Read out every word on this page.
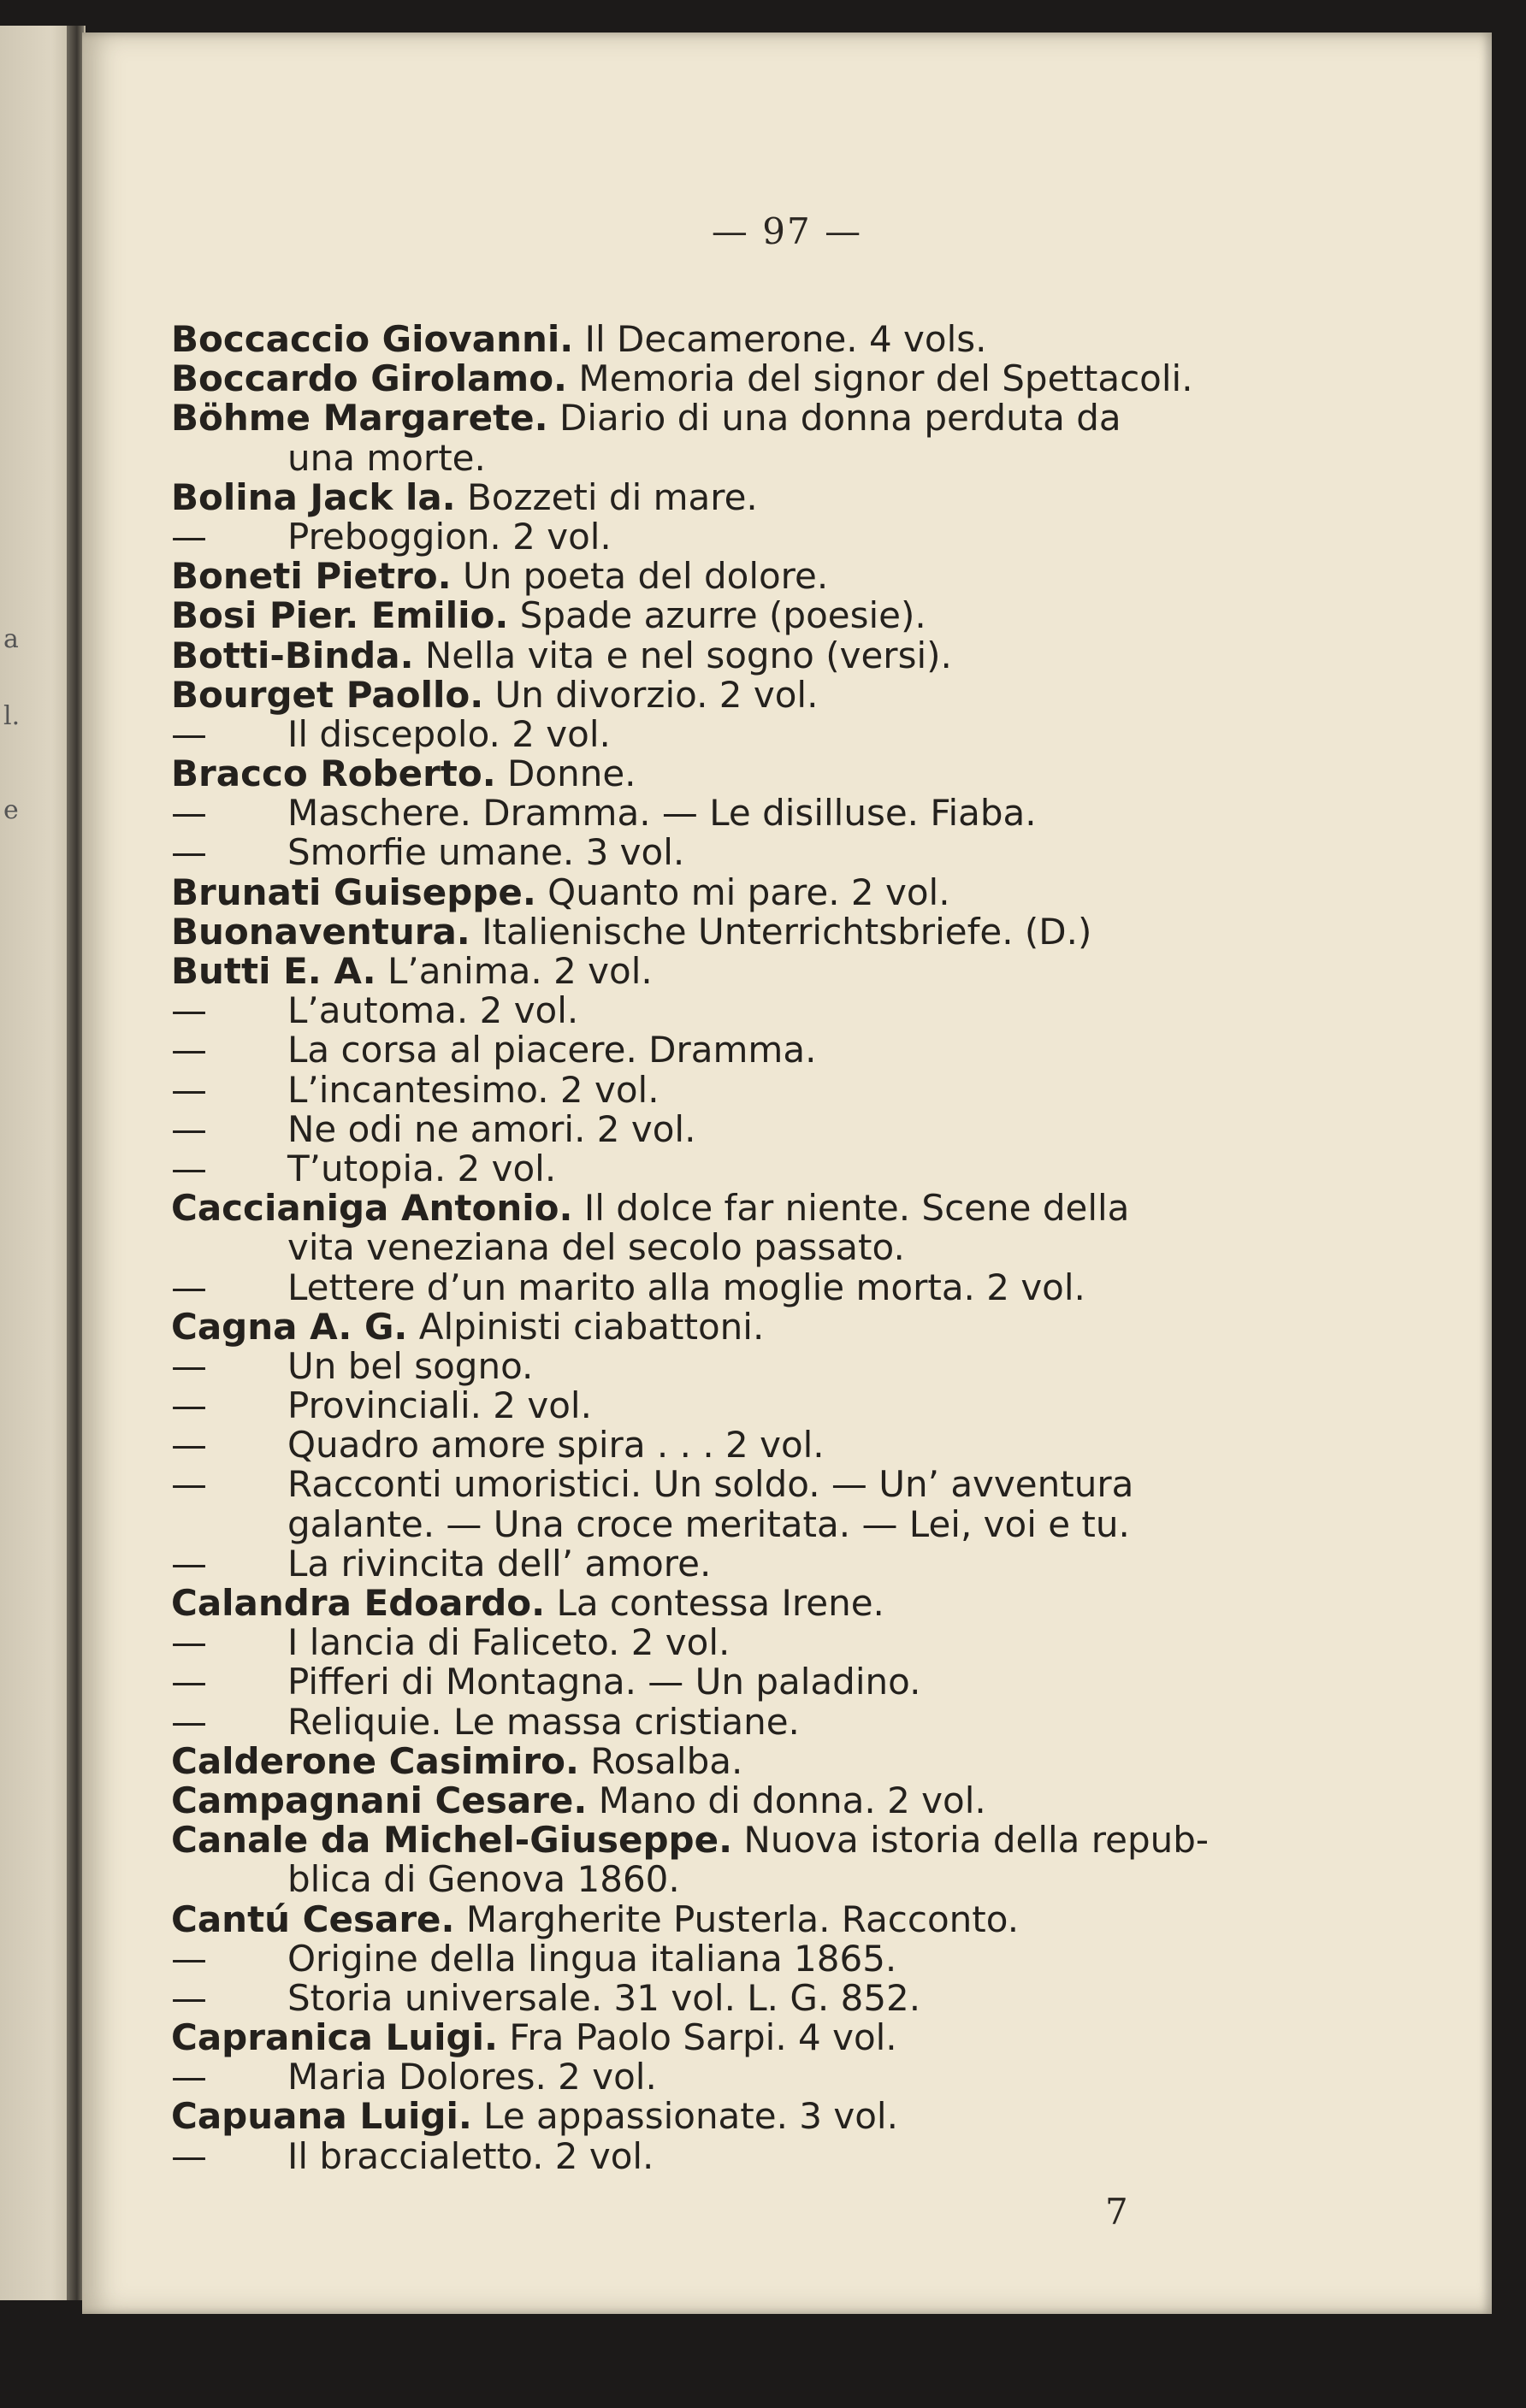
a
l.
e
— 97 —
Boccaccio Giovanni. Il Decamerone. 4 vols.
Boccardo Girolamo. Memoria del signor del Spettacoli.
Böhme Margarete. Diario di una donna perduta da
una morte.
Bolina Jack la. Bozzeti di mare.
— Preboggion. 2 vol.
Boneti Pietro. Un poeta del dolore.
Bosi Pier. Emilio. Spade azurre (poesie).
Botti-Binda. Nella vita e nel sogno (versi).
Bourget Paollo. Un divorzio. 2 vol.
— Il discepolo. 2 vol.
Bracco Roberto. Donne.
— Maschere. Dramma. — Le disilluse. Fiaba.
— Smorfie umane. 3 vol.
Brunati Guiseppe. Quanto mi pare. 2 vol.
Buonaventura. Italienische Unterrichtsbriefe. (D.)
Butti E. A. L’anima. 2 vol.
— L’automa. 2 vol.
— La corsa al piacere. Dramma.
— L’incantesimo. 2 vol.
— Ne odi ne amori. 2 vol.
— T’utopia. 2 vol.
Caccianiga Antonio. Il dolce far niente. Scene della
vita veneziana del secolo passato.
— Lettere d’un marito alla moglie morta. 2 vol.
Cagna A. G. Alpinisti ciabattoni.
— Un bel sogno.
— Provinciali. 2 vol.
— Quadro amore spira . . . 2 vol.
— Racconti umoristici. Un soldo. — Un’ avventura
galante. — Una croce meritata. — Lei, voi e tu.
— La rivincita dell’ amore.
Calandra Edoardo. La contessa Irene.
— I lancia di Faliceto. 2 vol.
— Pifferi di Montagna. — Un paladino.
— Reliquie. Le massa cristiane.
Calderone Casimiro. Rosalba.
Campagnani Cesare. Mano di donna. 2 vol.
Canale da Michel-Giuseppe. Nuova istoria della repub-
blica di Genova 1860.
Cantú Cesare. Margherite Pusterla. Racconto.
— Origine della lingua italiana 1865.
— Storia universale. 31 vol. L. G. 852.
Capranica Luigi. Fra Paolo Sarpi. 4 vol.
— Maria Dolores. 2 vol.
Capuana Luigi. Le appassionate. 3 vol.
— Il braccialetto. 2 vol.
7
